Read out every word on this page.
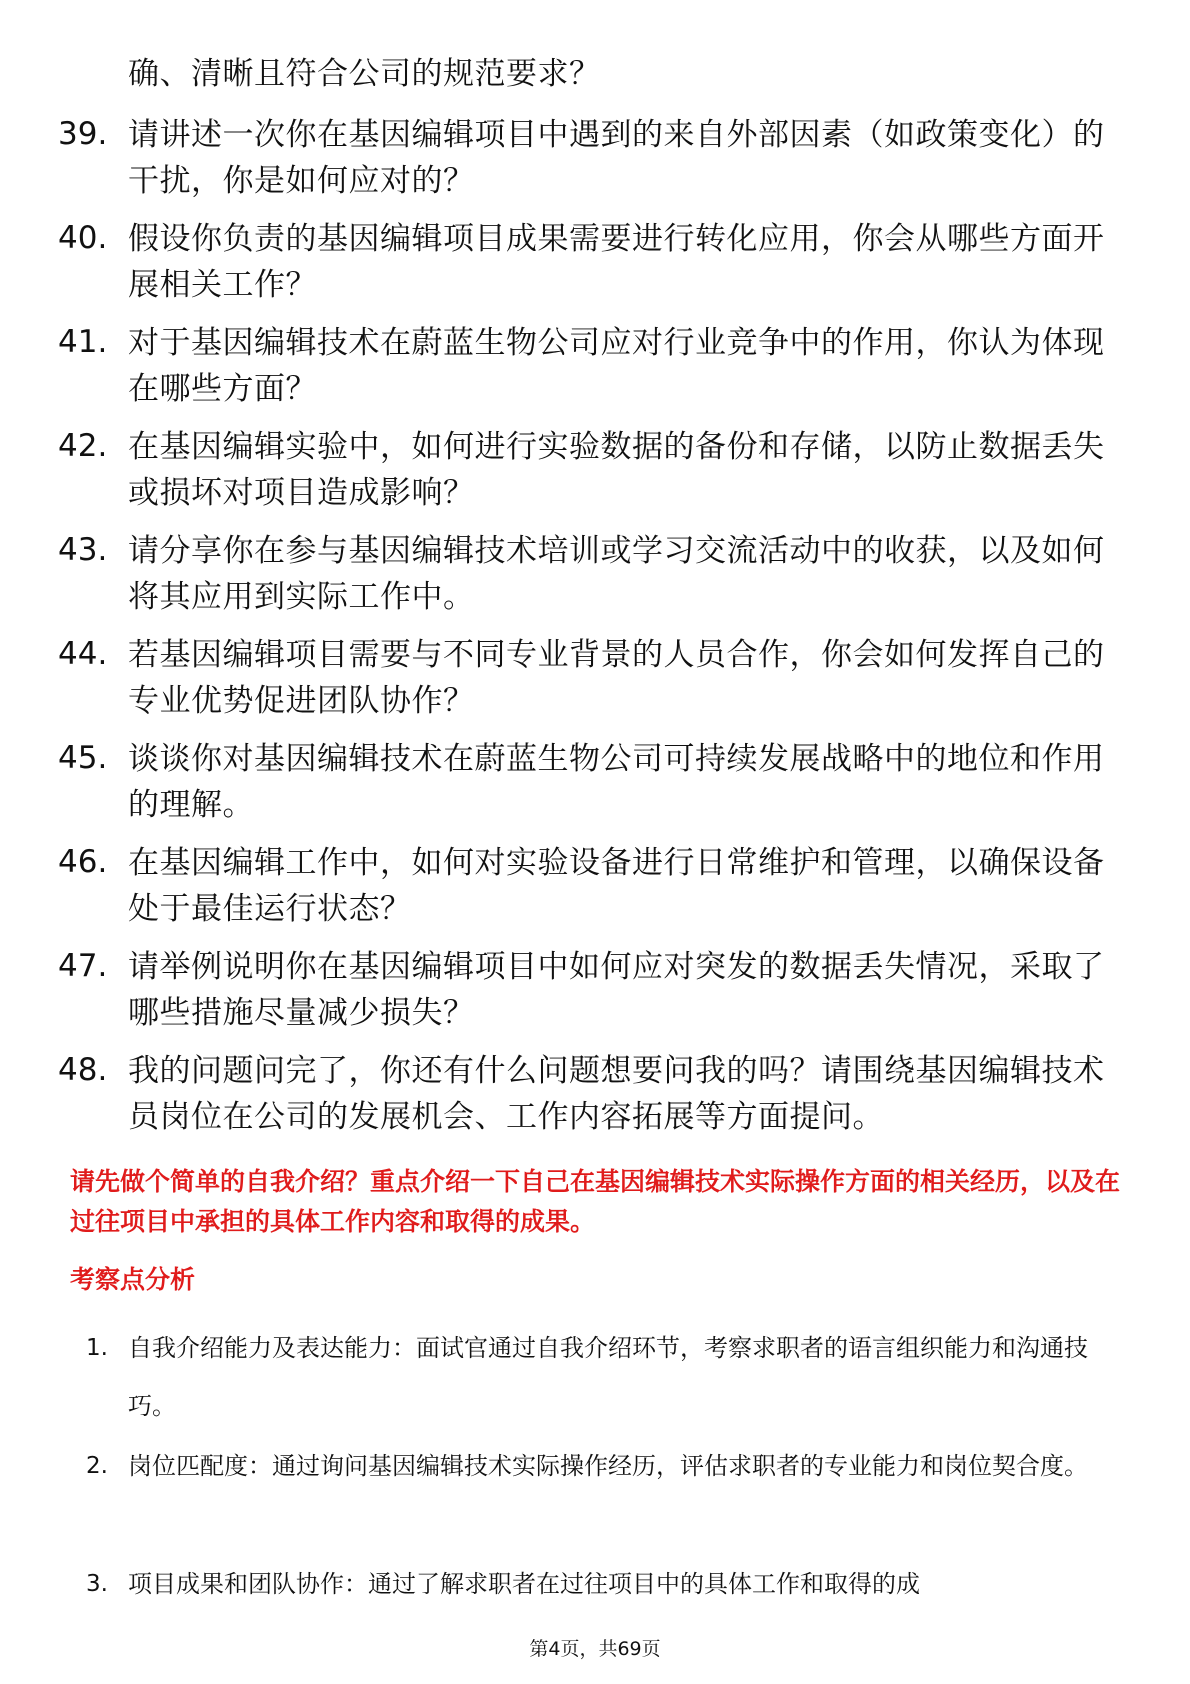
确、清晰且符合公司的规范要求？
39. 请讲述一次你在基因编辑项目中遇到的来自外部因素（如政策变化）的干扰，你是如何应对的？
40. 假设你负责的基因编辑项目成果需要进行转化应用，你会从哪些方面开展相关工作？
41. 对于基因编辑技术在蔚蓝生物公司应对行业竞争中的作用，你认为体现在哪些方面？
42. 在基因编辑实验中，如何进行实验数据的备份和存储，以防止数据丢失或损坏对项目造成影响？
43. 请分享你在参与基因编辑技术培训或学习交流活动中的收获，以及如何将其应用到实际工作中。
44. 若基因编辑项目需要与不同专业背景的人员合作，你会如何发挥自己的专业优势促进团队协作？
45. 谈谈你对基因编辑技术在蔚蓝生物公司可持续发展战略中的地位和作用的理解。
46. 在基因编辑工作中，如何对实验设备进行日常维护和管理，以确保设备处于最佳运行状态？
47. 请举例说明你在基因编辑项目中如何应对突发的数据丢失情况，采取了哪些措施尽量减少损失？
48. 我的问题问完了，你还有什么问题想要问我的吗？请围绕基因编辑技术员岗位在公司的发展机会、工作内容拓展等方面提问。
请先做个简单的自我介绍？重点介绍一下自己在基因编辑技术实际操作方面的相关经历，以及在过往项目中承担的具体工作内容和取得的成果。
考察点分析
1. 自我介绍能力及表达能力：面试官通过自我介绍环节，考察求职者的语言组织能力和沟通技巧。
2. 岗位匹配度：通过询问基因编辑技术实际操作经历，评估求职者的专业能力和岗位契合度。
3. 项目成果和团队协作：通过了解求职者在过往项目中的具体工作和取得的成
第4页，共69页
